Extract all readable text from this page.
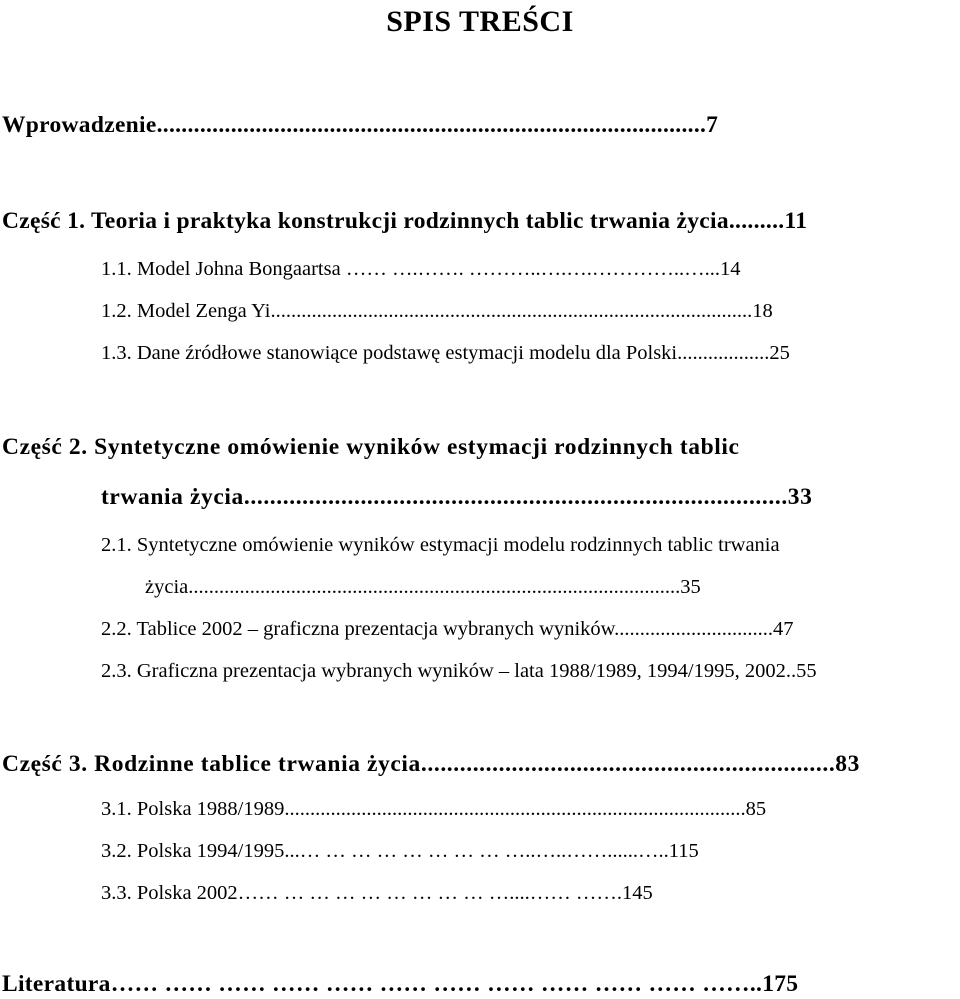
SPIS TREŚCI
Wprowadzenie.........................................................................................7
Część 1. Teoria i praktyka konstrukcji rodzinnych tablic trwania życia.........11
1.1. Model Johna Bongaartsa …… ….……. ………..….….…………..…...14
1.2. Model Zenga Yi..............................................................................................18
1.3. Dane źródłowe stanowiące podstawę estymacji modelu dla Polski..................25
Część 2. Syntetyczne omówienie wyników estymacji rodzinnych tablic
trwania życia....................................................................................33
2.1. Syntetyczne omówienie wyników estymacji modelu rodzinnych tablic trwania
życia................................................................................................35
2.2. Tablice 2002 – graficzna prezentacja wybranych wyników...............................47
2.3. Graficzna prezentacja wybranych wyników – lata 1988/1989, 1994/1995, 2002..55
Część 3. Rodzinne tablice trwania życia................................................................83
3.1. Polska 1988/1989..........................................................................................85
3.2. Polska 1994/1995...… … … … … … … … …..…..……......…..115
3.3. Polska 2002…… … … … … … … … … …....…… …….145
Literatura…… …… …… …… …… …… …… …… …… …… …… ……..175
